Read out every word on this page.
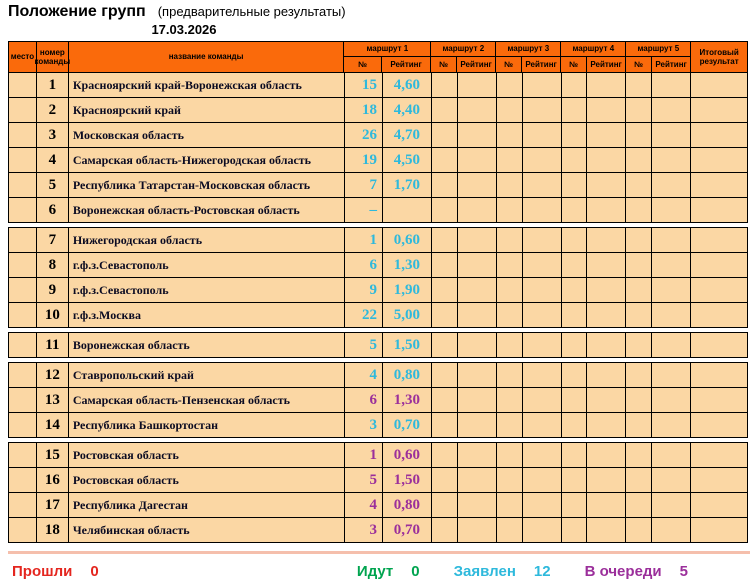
Положение групп (предварительные результаты)
17.03.2026
место
номер команды
название команды
маршрут 1
№	Рейтинг
маршрут 2
№	Рейтинг
маршрут 3
№	Рейтинг
маршрут 4
№	Рейтинг
маршрут 5
№	Рейтинг
Итоговый результат
1	Красноярский край-Воронежская область	15	4,60
2	Красноярский край	18	4,40
3	Московская область	26	4,70
4	Самарская область-Нижегородская область	19	4,50
5	Республика Татарстан-Московская область	7	1,70
6	Воронежская область-Ростовская область	–
7	Нижегородская область	1	0,60
8	г.ф.з.Севастополь	6	1,30
9	г.ф.з.Севастополь	9	1,90
10	г.ф.з.Москва	22	5,00
11	Воронежская область	5	1,50
12	Ставропольский край	4	0,80
13	Самарская область-Пензенская область	6	1,30
14	Республика Башкортостан	3	0,70
15	Ростовская область	1	0,60
16	Ростовская область	5	1,50
17	Республика Дагестан	4	0,80
18	Челябинская область	3	0,70
Прошли 0	Идут 0 Заявлен 12 В очереди 5
